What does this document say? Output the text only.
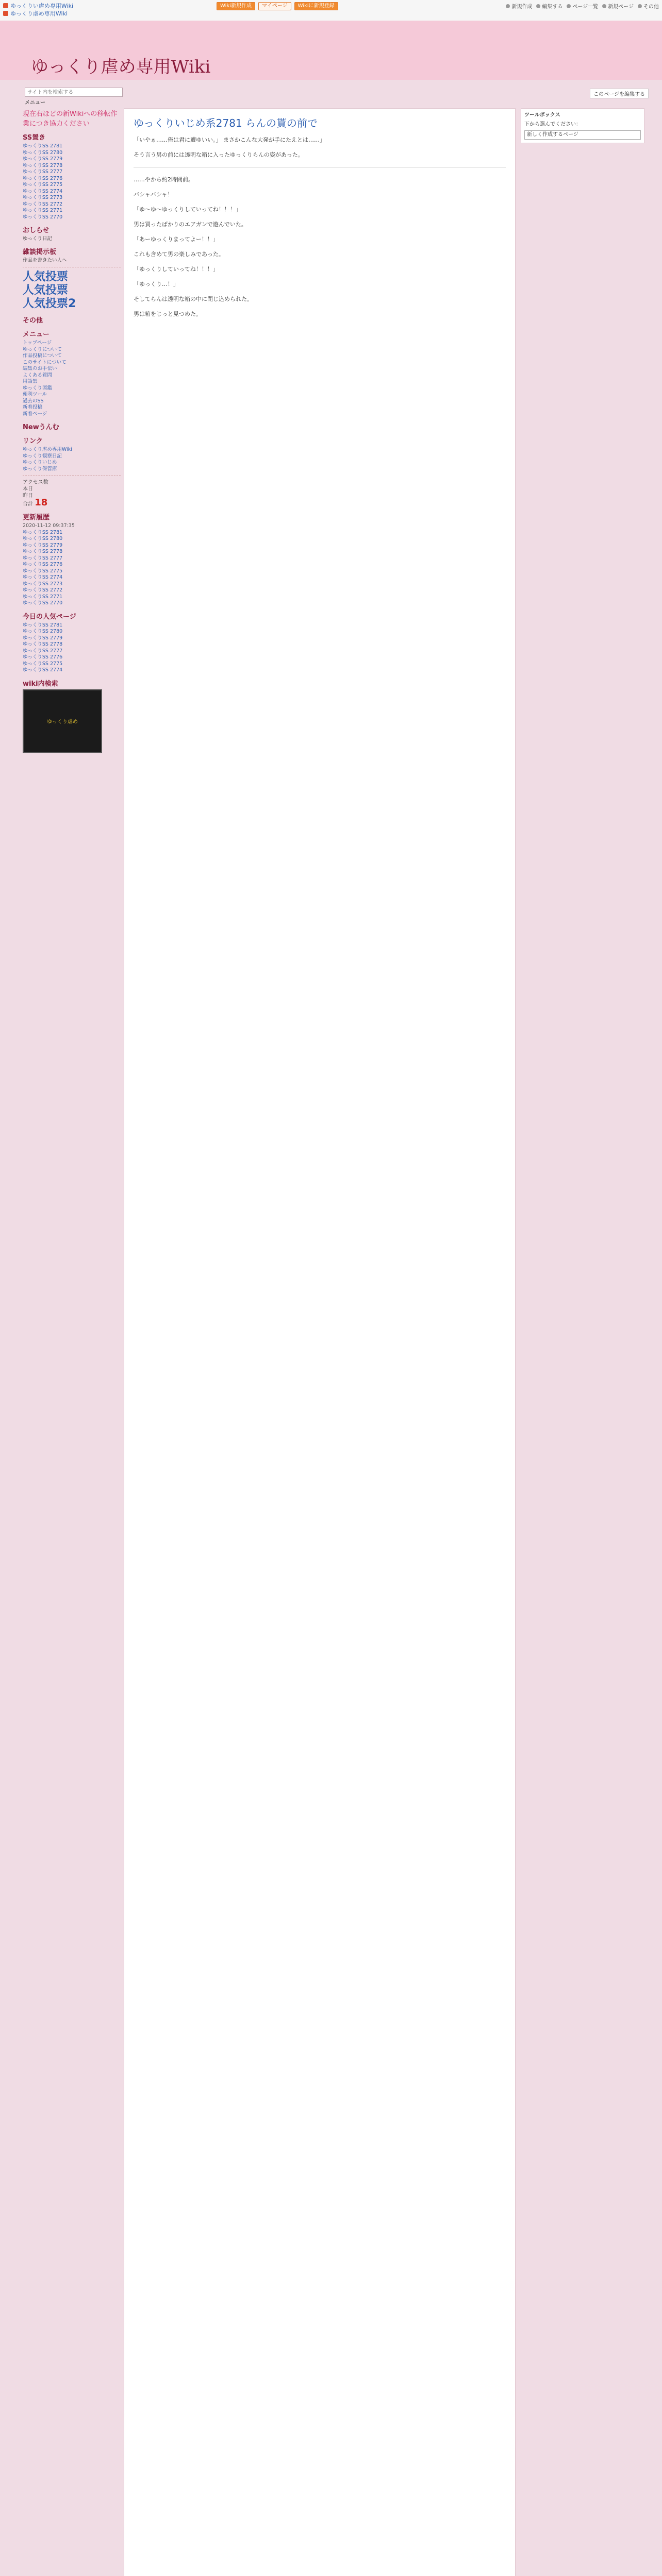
ゆっくりい虐め専用Wiki
ゆっくり虐め専用Wiki
Wiki新規作成	マイページ	Wikiに新規登録	新規作成	編集する	ページ一覧	新規ページ	その他
ゆっくり虐め専用Wiki
サイト内を検索する
メニュー
このページを編集する
現在右ほどの新Wikiへの移転作業につき協力ください
SS置き
ゆっくりSS 2781
ゆっくりSS 2780
ゆっくりSS 2779
ゆっくりSS 2778
ゆっくりSS 2777
ゆっくりSS 2776
ゆっくりSS 2775
ゆっくりSS 2774
ゆっくりSS 2773
ゆっくりSS 2772
ゆっくりSS 2771
ゆっくりSS 2770
おしらせ
ゆっくり日記
雑談掲示板
作品を書きたい人へ
人気投票
人気投票
人気投票2
その他
メニュー
トップページ
ゆっくりについて
作品投稿について
このサイトについて
編集のお手伝い
よくある質問
用語集
ゆっくり図鑑
便利ツール
過去のSS
新着投稿
新着ページ
Newうんむ
リンク
ゆっくり虐め専用Wiki
ゆっくり観察日記
ゆっくりいじめ
ゆっくり保管庫
アクセス数
本日
昨日
合計 18
更新履歴
2020-11-12 09:37:35
ゆっくりSS 2781
ゆっくりSS 2780
ゆっくりSS 2779
ゆっくりSS 2778
ゆっくりSS 2777
ゆっくりSS 2776
ゆっくりSS 2775
ゆっくりSS 2774
ゆっくりSS 2773
ゆっくりSS 2772
ゆっくりSS 2771
ゆっくりSS 2770
今日の人気ページ
ゆっくりSS 2781
ゆっくりSS 2780
ゆっくりSS 2779
ゆっくりSS 2778
ゆっくりSS 2777
ゆっくりSS 2776
ゆっくりSS 2775
ゆっくりSS 2774
wiki内検索
ゆっくり虐め
ゆっくりいじめ系2781 らんの貰の前で
「いやぁ……俺は君に遭ゆいい。」 まさかこんな大発が手にたえとは……」
そう言う男の前には透明な箱に入ったゆっくりらんの姿があった。
……やから約2時間前。
バシャバシャ！
「ゆ〜ゆ〜ゆっくりしていってね！！！」
男は買ったばかりのエアガンで遊んでいた。
「あーゆっくりまってよー！！」
これも含めて男の楽しみであった。
「ゆっくりしていってね！！！」
「ゆっくり…！」
そしてらんは透明な箱の中に閉じ込められた。
男は箱をじっと見つめた。
ツールボックス
下から選んでください：
新しく作成するページ
